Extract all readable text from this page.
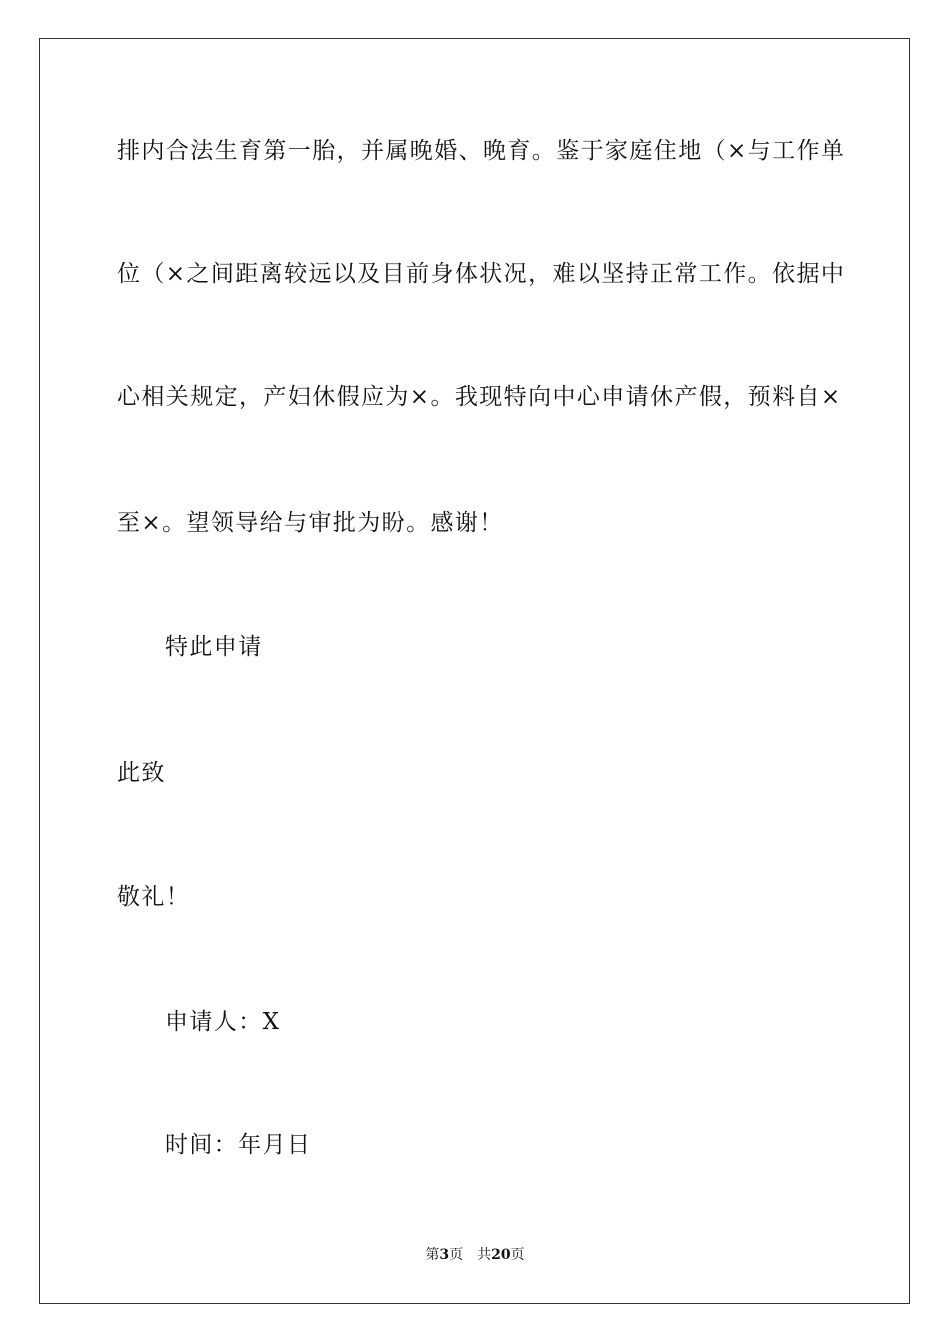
排内合法生育第一胎，并属晚婚、晚育。鉴于家庭住地（×与工作单
位（×之间距离较远以及目前身体状况，难以坚持正常工作。依据中
心相关规定，产妇休假应为×。我现特向中心申请休产假，预料自×
至×。望领导给与审批为盼。感谢！
特此申请
此致
敬礼！
申请人：X
时间：年月日
第3页 共20页
